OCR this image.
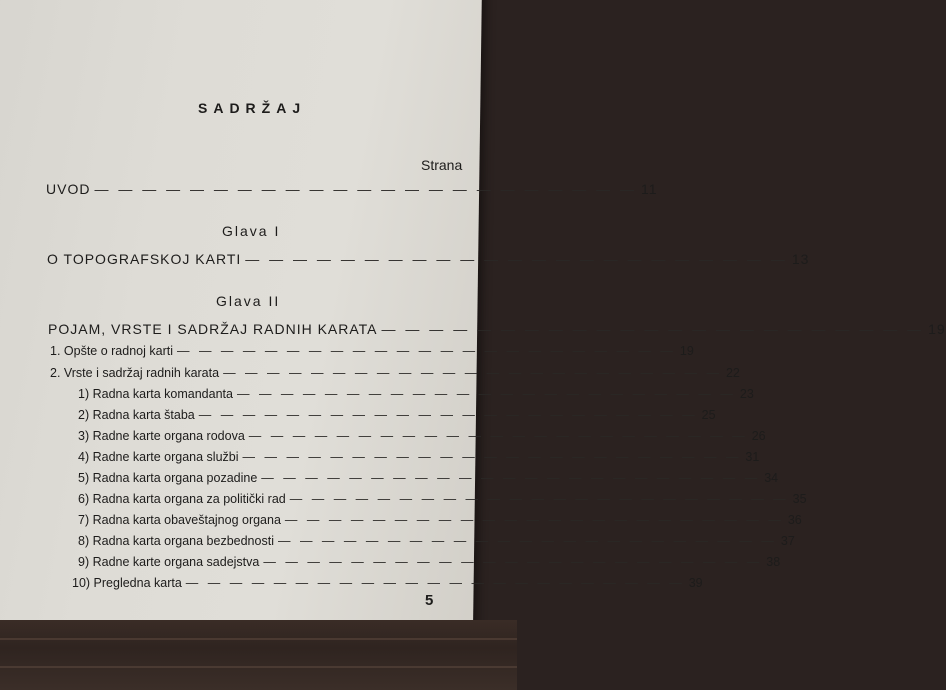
SADRŽAJ
Strana
UVOD — — — — — — — — — — — — — — — — — — — — — — — 11
Glava I
O TOPOGRAFSKOJ KARTI — — — — — — — — — — — — — — — — — — — — — — — 13
Glava II
POJAM, VRSTE I SADRŽAJ RADNIH KARATA — — — — — — — — — — — — — — — — — — — — — — — 19
1. Opšte o radnoj karti — — — — — — — — — — — — — — — — — — — — — — — 19
2. Vrste i sadržaj radnih karata — — — — — — — — — — — — — — — — — — — — — — — 22
1) Radna karta komandanta — — — — — — — — — — — — — — — — — — — — — — — 23
2) Radna karta štaba — — — — — — — — — — — — — — — — — — — — — — — 25
3) Radne karte organa rodova — — — — — — — — — — — — — — — — — — — — — — — 26
4) Radne karte organa službi — — — — — — — — — — — — — — — — — — — — — — — 31
5) Radna karta organa pozadine — — — — — — — — — — — — — — — — — — — — — — — 34
6) Radna karta organa za politički rad — — — — — — — — — — — — — — — — — — — — — — — 35
7) Radna karta obaveštajnog organa — — — — — — — — — — — — — — — — — — — — — — — 36
8) Radna karta organa bezbednosti — — — — — — — — — — — — — — — — — — — — — — — 37
9) Radne karte organa sadejstva — — — — — — — — — — — — — — — — — — — — — — — 38
10) Pregledna karta — — — — — — — — — — — — — — — — — — — — — — — 39
5
